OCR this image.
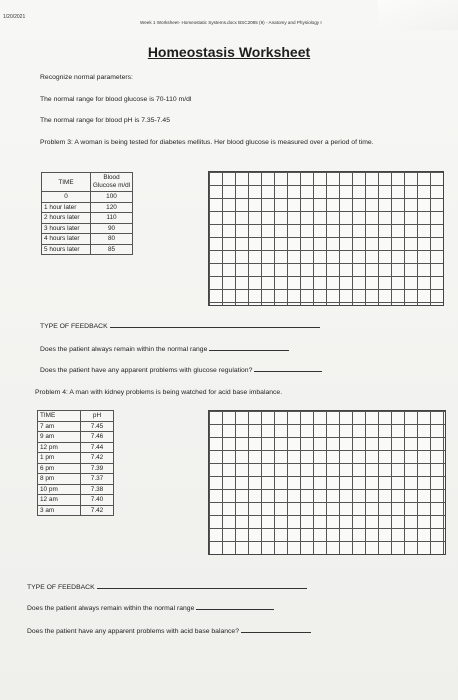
1/20/2021
Week 1 Worksheet- Homeostatic Systems.docx BSC2085 (9) - Anatomy and Physiology I
Homeostasis Worksheet
Recognize normal parameters:
The normal range for blood glucose is 70-110 m/dl
The normal range for blood pH is 7.35-7.45
Problem 3: A woman is being tested for diabetes mellitus. Her blood glucose is measured over a period of time.
TIME	Blood Glucose m/dl
0	100
1 hour later	120
2 hours later	110
3 hours later	90
4 hours later	80
5 hours later	85
TYPE OF FEEDBACK
Does the patient always remain within the normal range
Does the patient have any apparent problems with glucose regulation?
Problem 4: A man with kidney problems is being watched for acid base imbalance.
TIME	pH
7 am	7.45
9 am	7.46
12 pm	7.44
1 pm	7.42
6 pm	7.39
8 pm	7.37
10 pm	7.38
12 am	7.40
3 am	7.42
TYPE OF FEEDBACK
Does the patient always remain within the normal range
Does the patient have any apparent problems with acid base balance?
